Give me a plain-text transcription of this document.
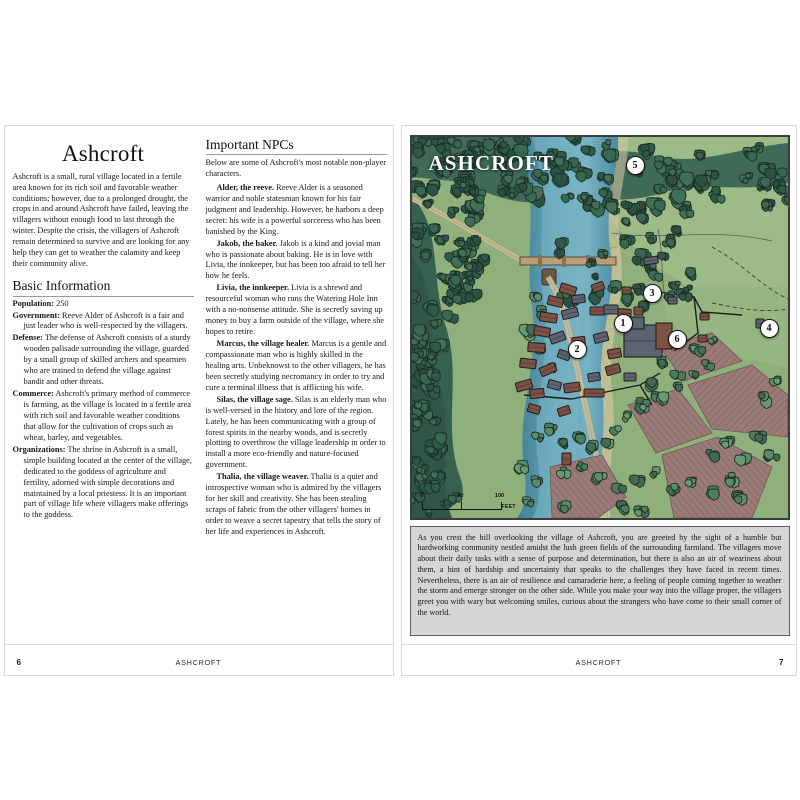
Ashcroft

Ashcroft is a small, rural village located in a fertile area known for its rich soil and favorable weather conditions; however, due to a prolonged drought, the crops in and around Ashcroft have failed, leaving the villagers without enough food to last through the winter. Despite the crisis, the villagers of Ashcroft remain determined to survive and are looking for any help they can get to weather the calamity and keep their community alive.

Basic Information

Population: 250

Government: Reeve Alder of Ashcroft is a fair and just leader who is well-respected by the villagers.

Defense: The defense of Ashcroft consists of a sturdy wooden palisade surrounding the village, guarded by a small group of skilled archers and spearmen who are trained to defend the village against bandit and other threats.

Commerce: Ashcroft's primary method of commerce is farming, as the village is located in a fertile area with rich soil and favorable weather conditions that allow for the cultivation of crops such as wheat, barley, and vegetables.

Organizations: The shrine in Ashcroft is a small, simple building located at the center of the village, dedicated to the goddess of agriculture and fertility, adorned with simple decorations and maintained by a local priestess. It is an important part of village life where villagers make offerings to the goddess.

Important NPCs

Below are some of Ashcroft's most notable non-player characters.

Alder, the reeve. Reeve Alder is a seasoned warrior and noble statesman known for his fair judgment and leadership. However, he harbors a deep secret: his wife is a powerful sorceress who has been banished by the King.

Jakob, the baker. Jakob is a kind and jovial man who is passionate about baking. He is in love with Livia, the innkeeper, but has been too afraid to tell her how he feels.

Livia, the innkeeper. Livia is a shrewd and resourceful woman who runs the Watering Hole Inn with a no-nonsense attitude. She is secretly saving up money to buy a farm outside of the village, where she hopes to retire.

Marcus, the village healer. Marcus is a gentle and compassionate man who is highly skilled in the healing arts. Unbeknowst to the other villagers, he has been secretly studying necromancy in order to try and cure a terminal illness that is afflicting his wife.

Silas, the village sage. Silas is an elderly man who is well-versed in the history and lore of the region. Lately, he has been communicating with a group of forest spirits in the nearby woods, and is secretly plotting to overthrow the village leadership in order to install a more eco-friendly and nature-focused government.

Thalia, the village weaver. Thalia is a quiet and introspective woman who is admired by the villagers for her skill and creativity. She has been stealing scraps of fabric from the other villagers' homes in order to weave a secret tapestry that tells the story of her life and experiences in Ashcroft.

6	ASHCROFT
ASHCROFT
1
2
3
4
5
6
0	50	100
FEET

As you crest the hill overlooking the village of Ashcroft, you are greeted by the sight of a humble but hardworking community nestled amidst the lush green fields of the surrounding farmland. The villagers move about their daily tasks with a sense of purpose and determination, but there is also an air of weariness about them, a hint of hardship and uncertainty that speaks to the challenges they have faced in recent times. Nevertheless, there is an air of resilience and camaraderie here, a feeling of people coming together to weather the storm and emerge stronger on the other side. While you make your way into the village proper, the villagers greet you with wary but welcoming smiles, curious about the strangers who have come to their small corner of the world.

ASHCROFT	7
